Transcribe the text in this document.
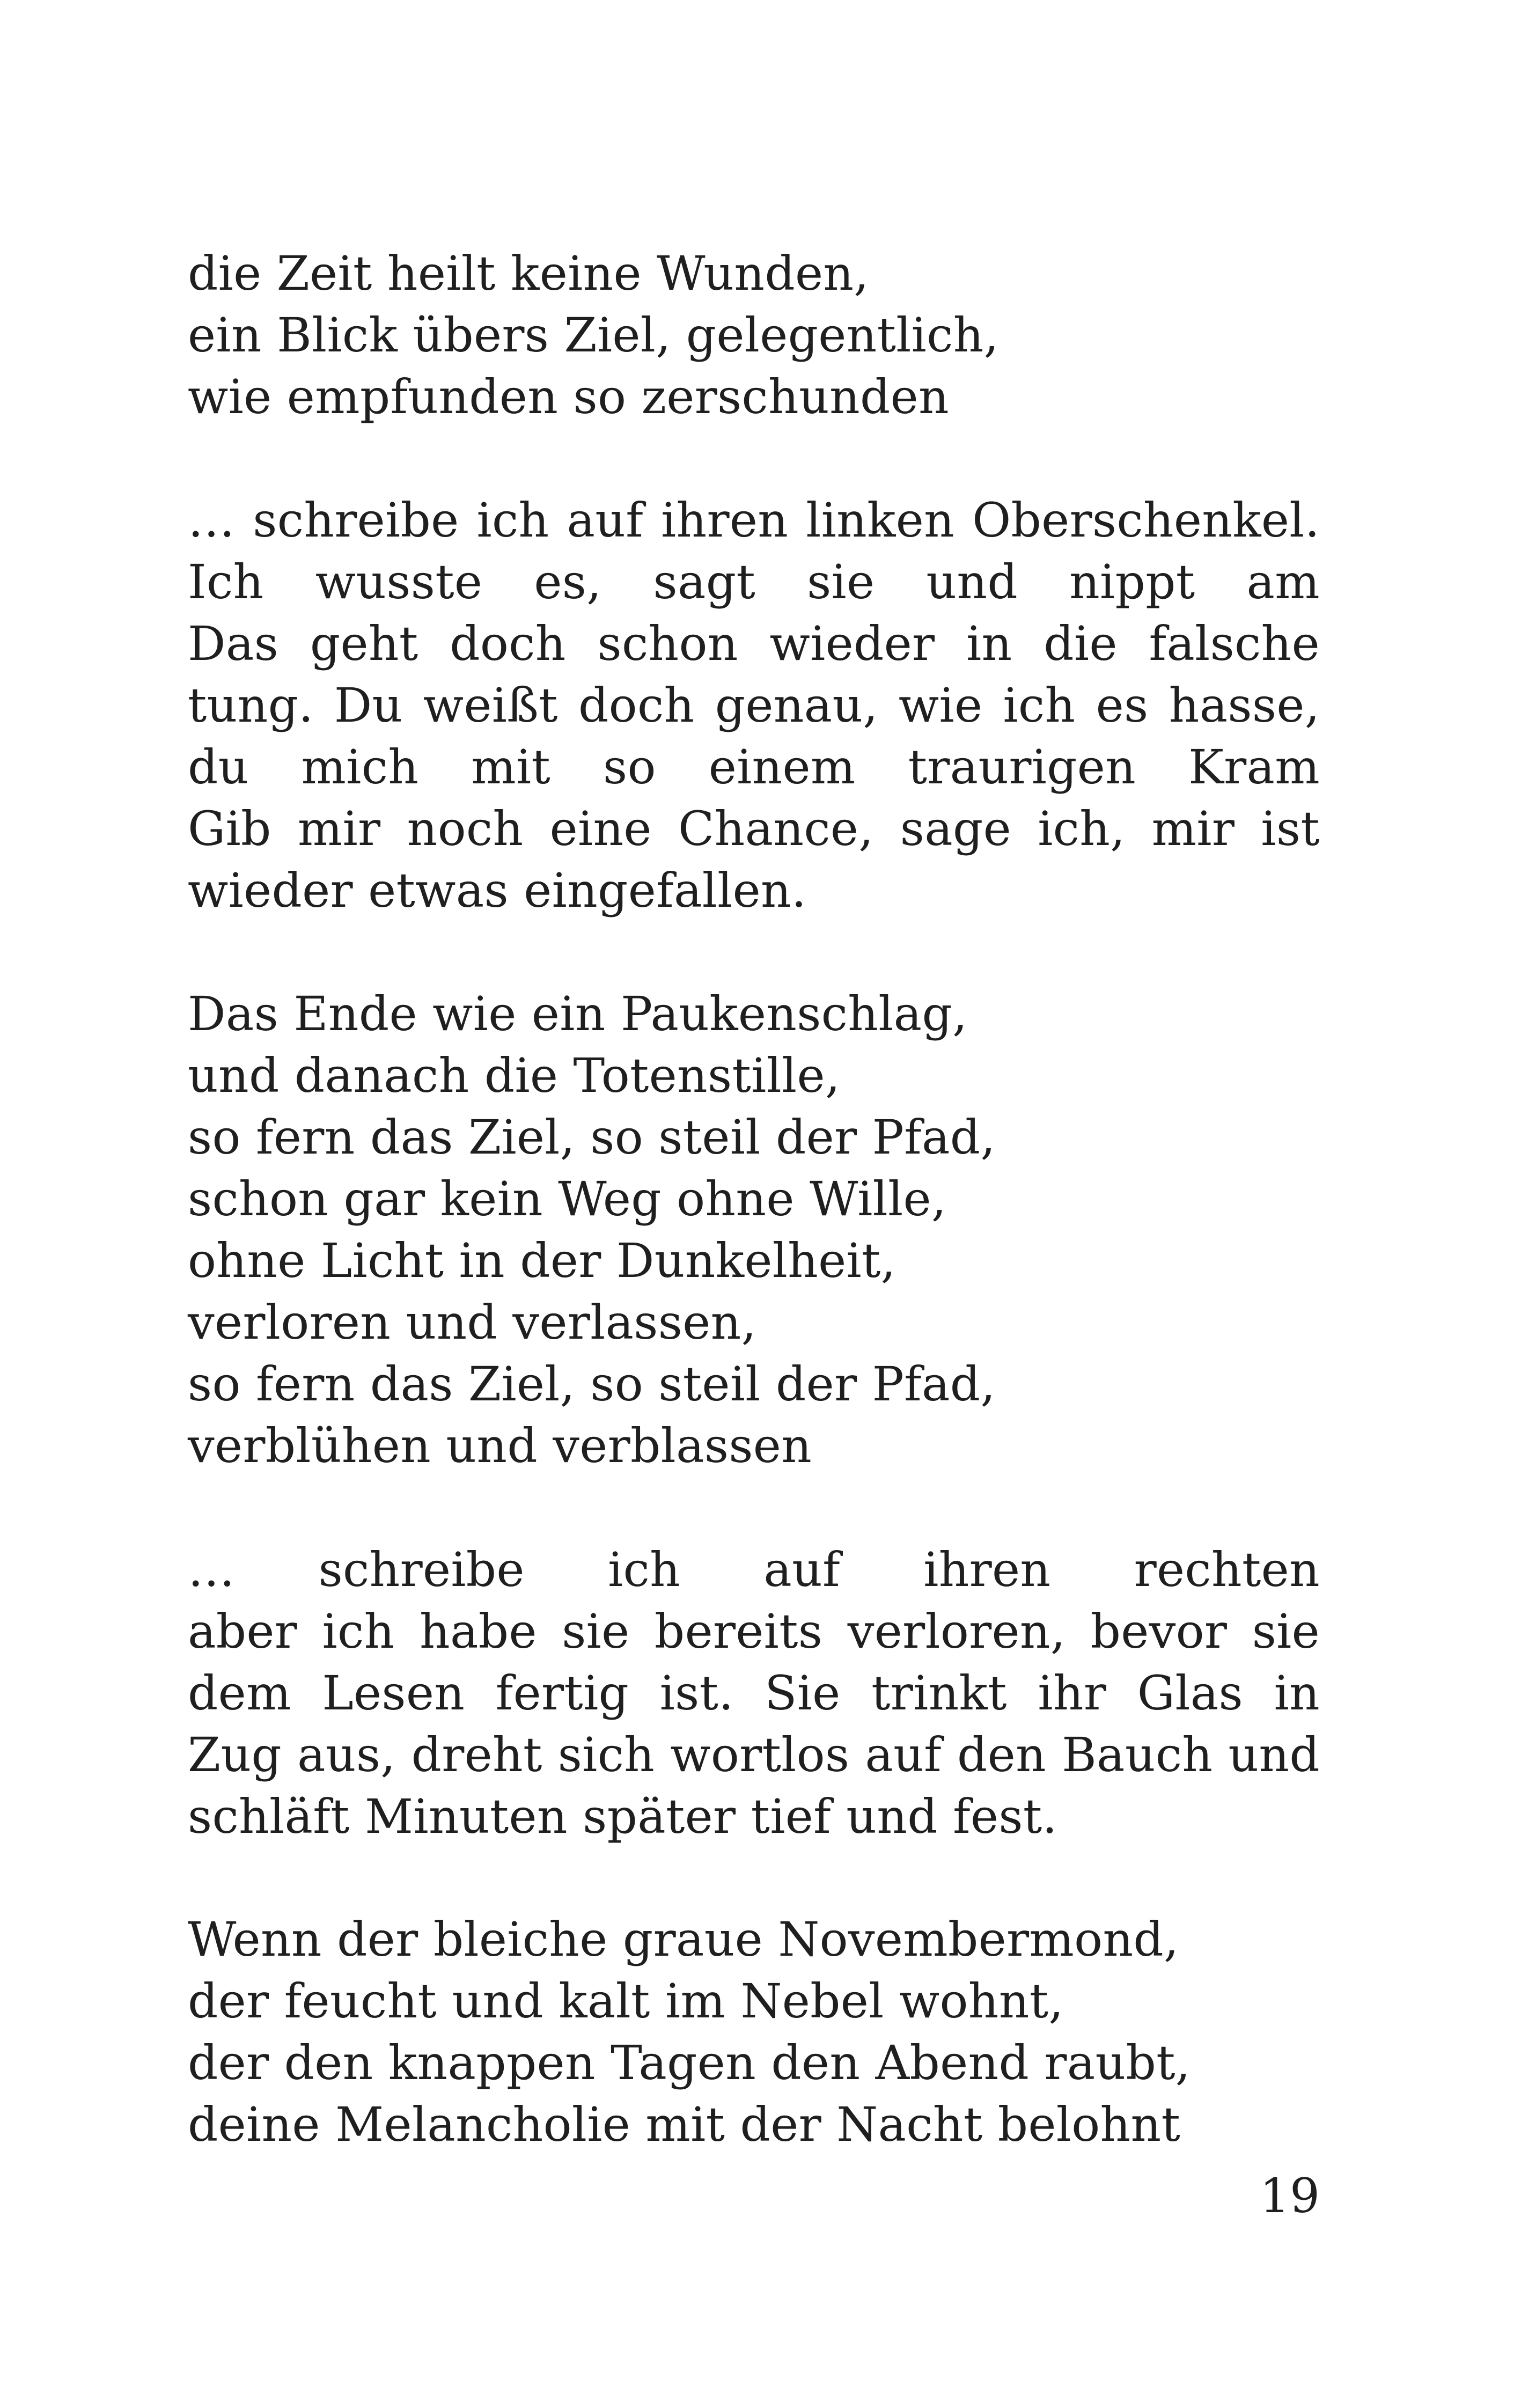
die Zeit heilt keine Wunden,
ein Blick übers Ziel, gelegentlich,
wie empfunden so zerschunden
… schreibe ich auf ihren linken Oberschenkel.
Ich wusste es, sagt sie und nippt am
Das geht doch schon wieder in die falsche
tung. Du weißt doch genau, wie ich es hasse,
du mich mit so einem traurigen Kram
Gib mir noch eine Chance, sage ich, mir ist
wieder etwas eingefallen.
Das Ende wie ein Paukenschlag,
und danach die Totenstille,
so fern das Ziel, so steil der Pfad,
schon gar kein Weg ohne Wille,
ohne Licht in der Dunkelheit,
verloren und verlassen,
so fern das Ziel, so steil der Pfad,
verblühen und verblassen
… schreibe ich auf ihren rechten
aber ich habe sie bereits verloren, bevor sie
dem Lesen fertig ist. Sie trinkt ihr Glas in
Zug aus, dreht sich wortlos auf den Bauch und
schläft Minuten später tief und fest.
Wenn der bleiche graue Novembermond,
der feucht und kalt im Nebel wohnt,
der den knappen Tagen den Abend raubt,
deine Melancholie mit der Nacht belohnt
19
